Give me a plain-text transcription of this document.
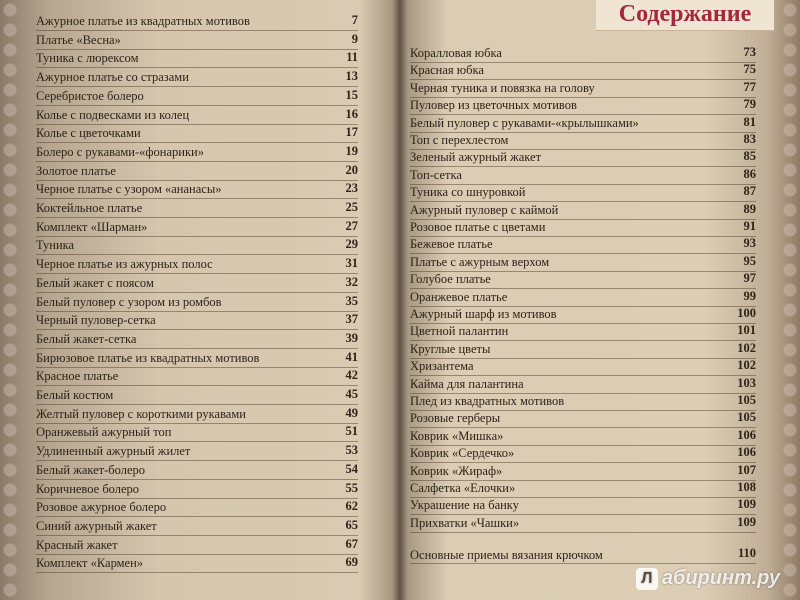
Ажурное платье из квадратных мотивов	7
Платье «Весна»	9
Туника с люрексом	11
Ажурное платье со стразами	13
Серебристое болеро	15
Колье с подвесками из колец	16
Колье с цветочками	17
Болеро с рукавами-«фонарики»	19
Золотое платье	20
Черное платье с узором «ананасы»	23
Коктейльное платье	25
Комплект «Шарман»	27
Туника	29
Черное платье из ажурных полос	31
Белый жакет с поясом	32
Белый пуловер с узором из ромбов	35
Черный пуловер-сетка	37
Белый жакет-сетка	39
Бирюзовое платье из квадратных мотивов	41
Красное платье	42
Белый костюм	45
Желтый пуловер с короткими рукавами	49
Оранжевый ажурный топ	51
Удлиненный ажурный жилет	53
Белый жакет-болеро	54
Коричневое болеро	55
Розовое ажурное болеро	62
Синий ажурный жакет	65
Красный жакет	67
Комплект «Кармен»	69
Содержание
Коралловая юбка	73
Красная юбка	75
Черная туника и повязка на голову	77
Пуловер из цветочных мотивов	79
Белый пуловер с рукавами-«крылышками»	81
Топ с перехлестом	83
Зеленый ажурный жакет	85
Топ-сетка	86
Туника со шнуровкой	87
Ажурный пуловер с каймой	89
Розовое платье с цветами	91
Бежевое платье	93
Платье с ажурным верхом	95
Голубое платье	97
Оранжевое платье	99
Ажурный шарф из мотивов	100
Цветной палантин	101
Круглые цветы	102
Хризантема	102
Кайма для палантина	103
Плед из квадратных мотивов	105
Розовые герберы	105
Коврик «Мишка»	106
Коврик «Сердечко»	106
Коврик «Жираф»	107
Салфетка «Елочки»	108
Украшение на банку	109
Прихватки «Чашки»	109
Основные приемы вязания крючком	110
Л абиринт.ру
